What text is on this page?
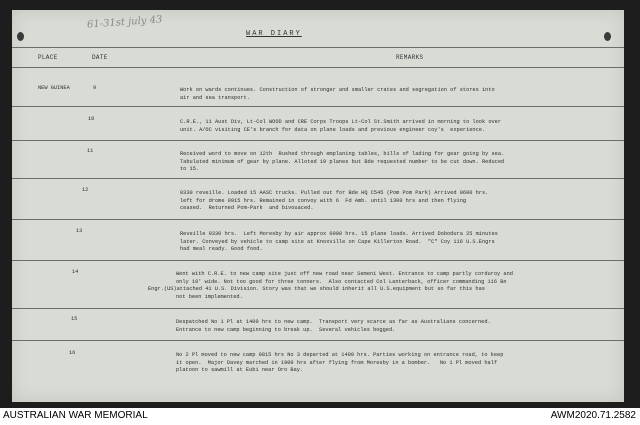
61-31st july 43
WAR DIARY
PLACE	DATE	REMARKS
NEW GUINEA	9	Work on wards continues. Construction of stronger and smaller crates and segregation of stores into
air and sea transport.
10	C.R.E., 11 Aust Div, Lt-Col WOOD and CRE Corps Troops Lt-Col St.Smith arrived in morning to look over
unit. A/OC visiting CE's branch for data on plane loads and previous engineer coy's  experience.
11	Received word to move on 12th  Rushed through emplaning tables, bills of lading for gear going by sea.
Tabulated minimum of gear by plane. Alloted 19 planes but Bde requested number to be cut down. Reduced
to 15.
12	0330 reveille. Loaded 15 AASC trucks. Pulled out for Bde HQ C545 (Pom Pom Park) Arrived 0600 hrs.
left for drome 0915 hrs. Remained in convoy with 6  Fd Amb. until 1300 hrs and then flying
ceased.  Returned Pom-Park  and bivouaced.
13	Reveille 0330 hrs.  Left Moresby by air approx 0900 hrs. 15 plane loads. Arrived Dobodura 25 minutes
later. Conveyed by vehicle to camp site at Knoxville on Cape Killerton Road.  "C" Coy 116 U.S.Engrs
had meal ready. Good food.
14	Went with C.R.E. to new camp site just off new road near Semeni West. Entrance to camp partly corduroy and
only 10' wide. Not too good for three tonners.  Also contacted Col Lanterback, officer commanding 116 Bn
Engr.(US)attached 41 U.S. Division. Story was that we should inherit all U.S.equipment but so far this has
not been implemented.
15	Despatched No 1 Pl at 1400 hrs to new camp.  Transport very scarce as far as Australians concerned.
Entrance to new camp beginning to break up.  Several vehicles bogged.
16	No 2 Pl moved to new camp 0815 hrs No 3 departed at 1400 hrs. Parties working on entrance road, to keep
it open.  Major Davey marched in 1900 hrs after flying from Moresby in a bomber.   No 1 Pl moved half
platoon to sawmill at Eubi near Oro Bay.
AUSTRALIAN WAR MEMORIAL	AWM2020.71.2582
